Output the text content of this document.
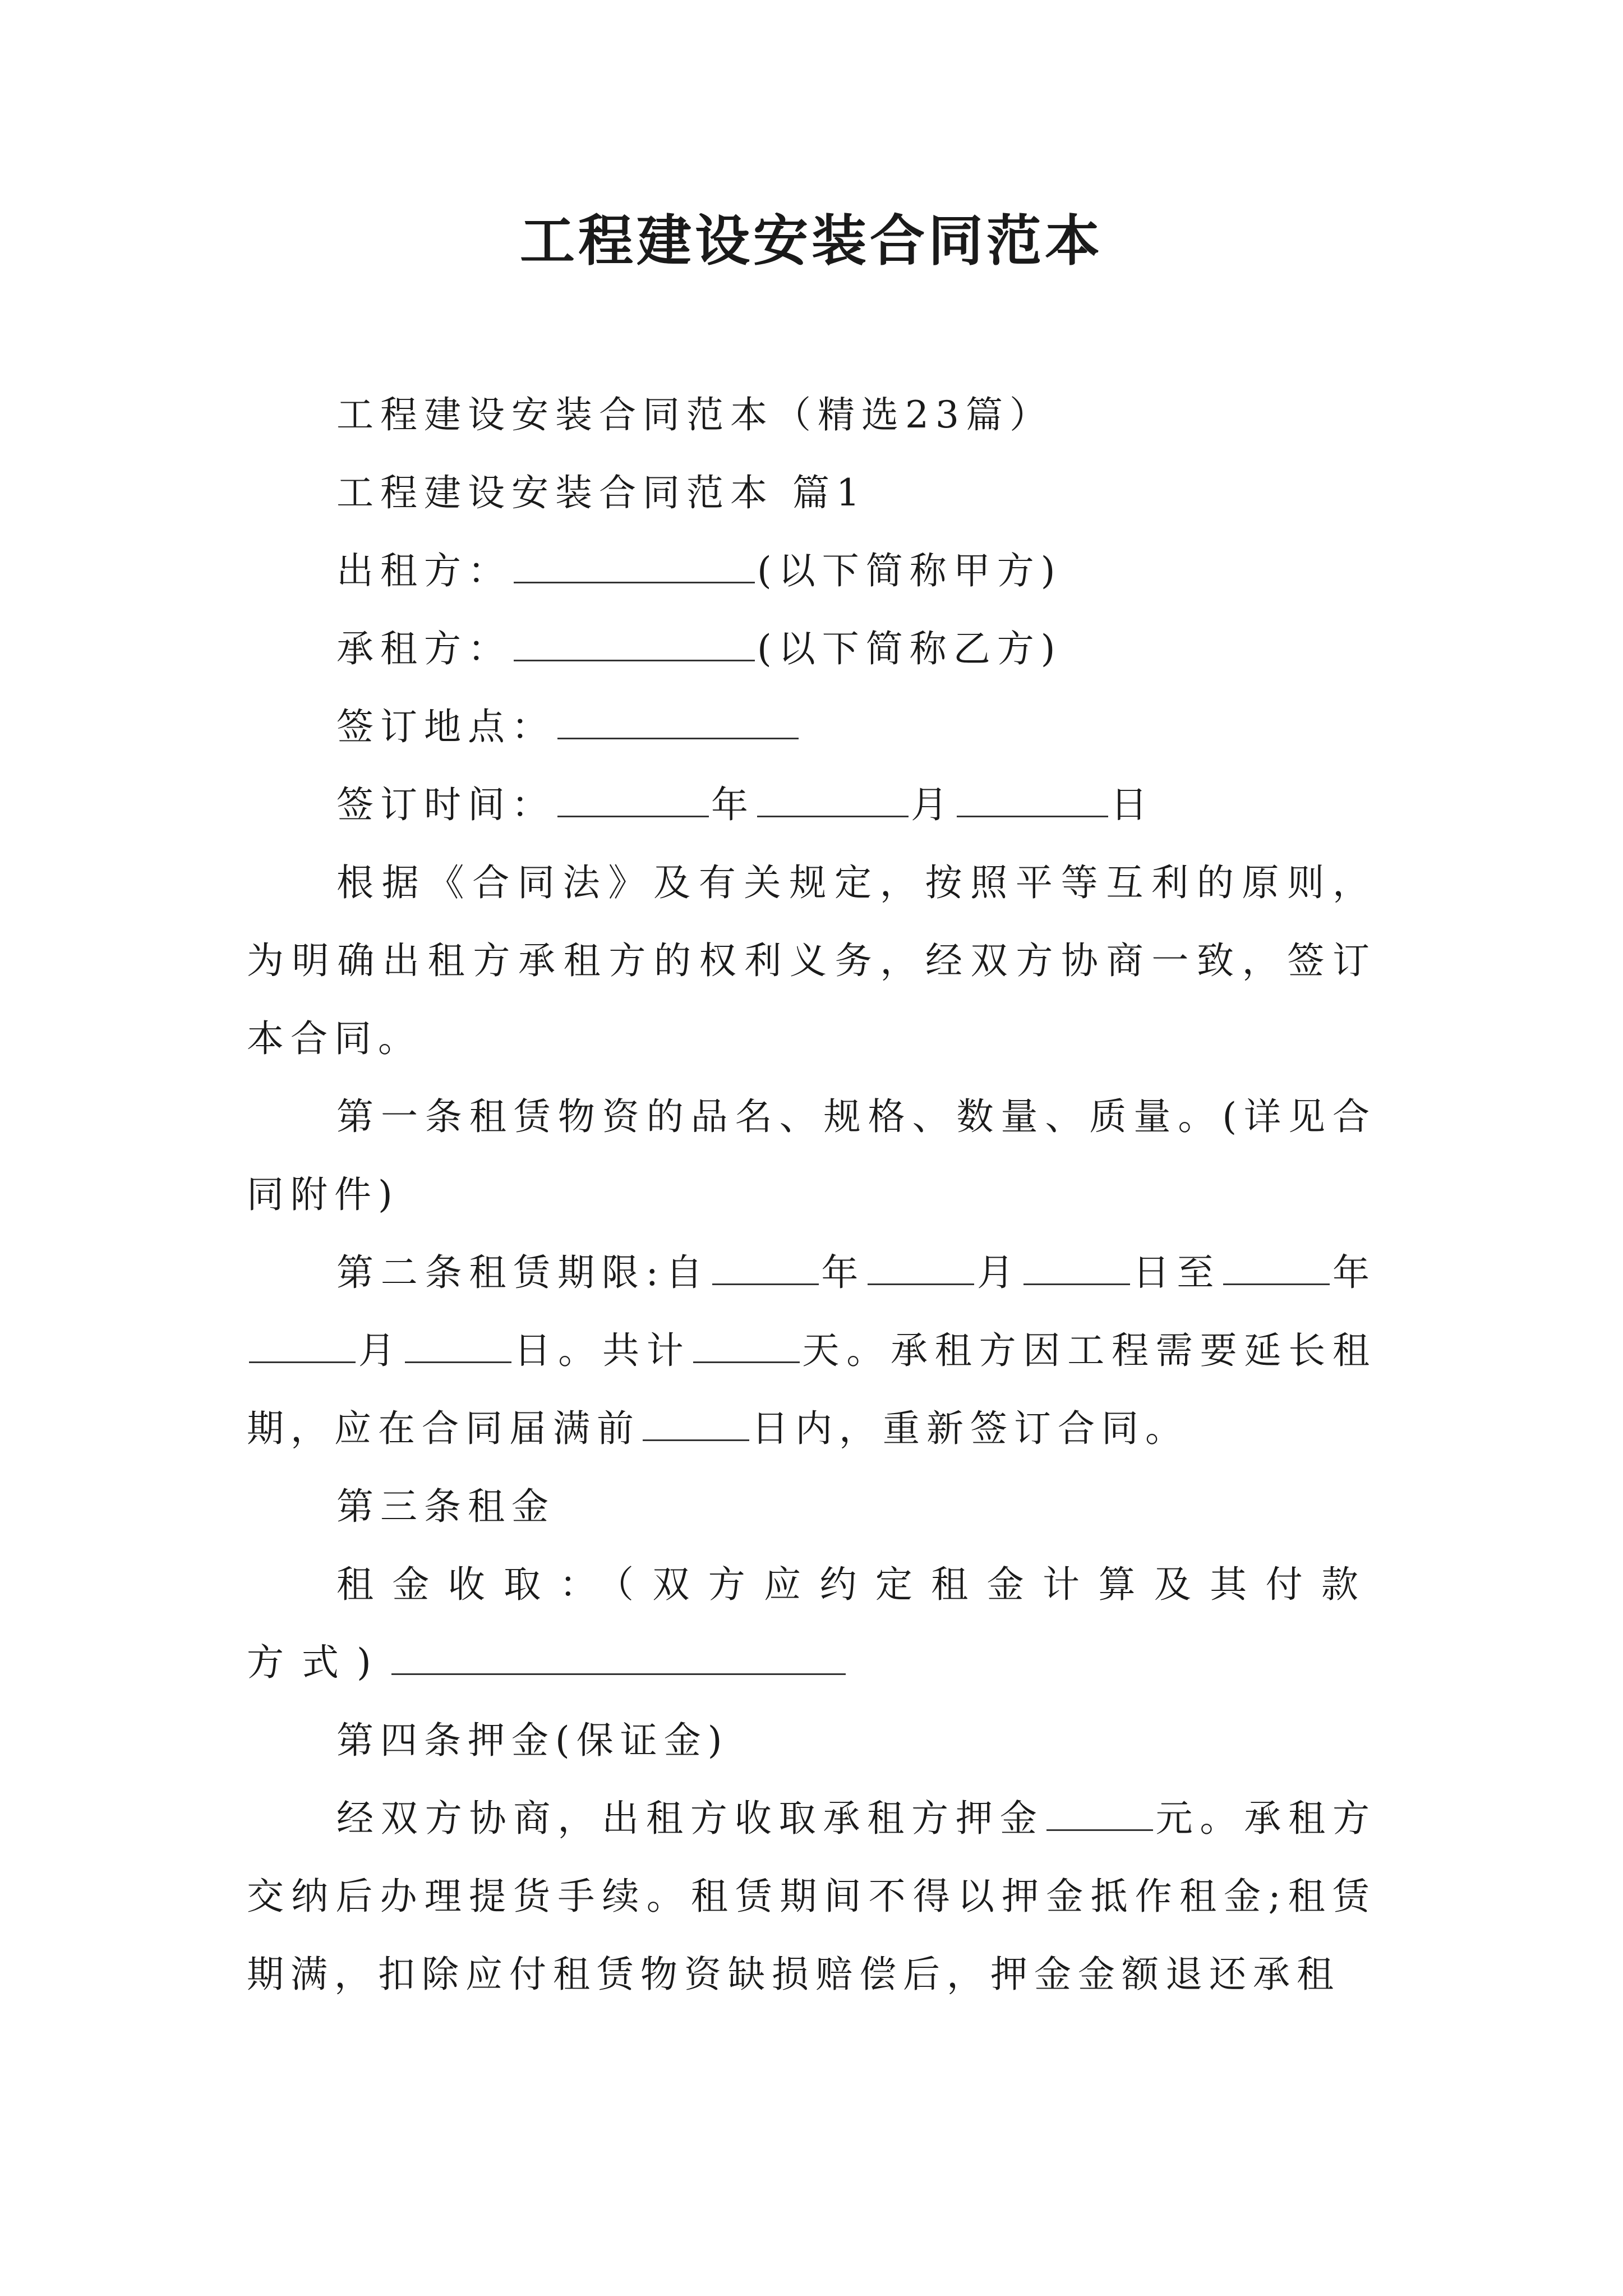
工程建设安装合同范本

工程建设安装合同范本（精选23篇）

工程建设安装合同范本 篇1

出租方：	(以下简称甲方)

承租方：	(以下简称乙方)

签订地点：

签订时间：	年	月	日

根据《合同法》及有关规定，按照平等互利的原则，为明确出租方承租方的权利义务，经双方协商一致，签订本合同。

第一条租赁物资的品名、规格、数量、质量。(详见合同附件)

第二条租赁期限:自	年	月	日至	年月	日。共计	天。承租方因工程需要延长租期，应在合同届满前	日内，重新签订合同。

第三条租金

租金收取：（双方应约定租金计算及其付款方式)

第四条押金(保证金)

经双方协商，出租方收取承租方押金	元。承租方交纳后办理提货手续。租赁期间不得以押金抵作租金;租赁期满，扣除应付租赁物资缺损赔偿后，押金金额退还承租
